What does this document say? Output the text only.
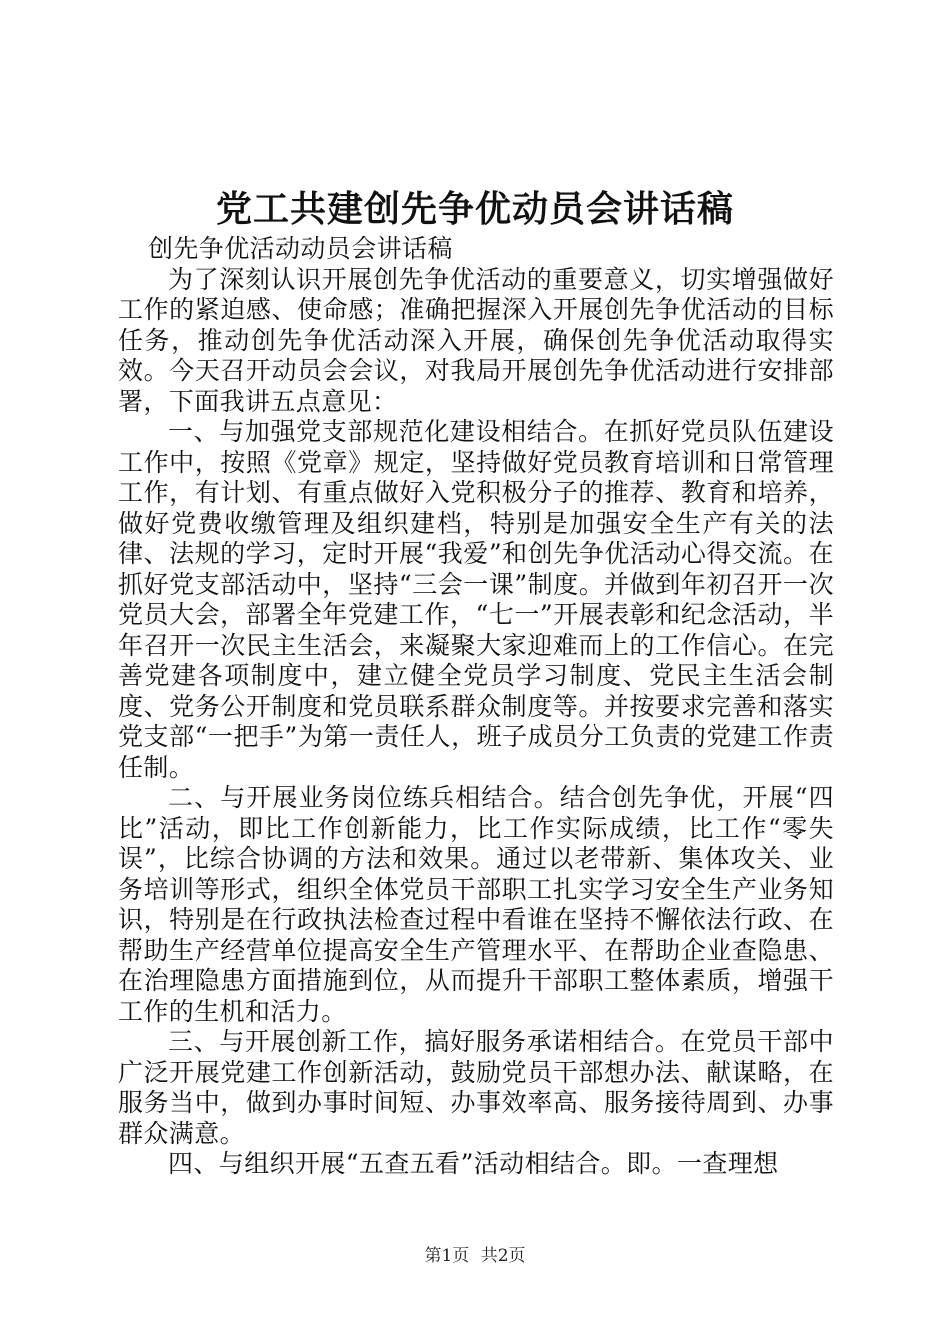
党工共建创先争优动员会讲话稿

创先争优活动动员会讲话稿

为了深刻认识开展创先争优活动的重要意义，切实增强做好工作的紧迫感、使命感；准确把握深入开展创先争优活动的目标任务，推动创先争优活动深入开展，确保创先争优活动取得实效。今天召开动员会会议，对我局开展创先争优活动进行安排部署，下面我讲五点意见：

一、与加强党支部规范化建设相结合。在抓好党员队伍建设工作中，按照《党章》规定，坚持做好党员教育培训和日常管理工作，有计划、有重点做好入党积极分子的推荐、教育和培养，做好党费收缴管理及组织建档，特别是加强安全生产有关的法律、法规的学习，定时开展“我爱”和创先争优活动心得交流。在抓好党支部活动中，坚持“三会一课”制度。并做到年初召开一次党员大会，部署全年党建工作，“七一”开展表彰和纪念活动，半年召开一次民主生活会，来凝聚大家迎难而上的工作信心。在完善党建各项制度中，建立健全党员学习制度、党民主生活会制度、党务公开制度和党员联系群众制度等。并按要求完善和落实党支部“一把手”为第一责任人，班子成员分工负责的党建工作责任制。

二、与开展业务岗位练兵相结合。结合创先争优，开展“四比”活动，即比工作创新能力，比工作实际成绩，比工作“零失误”，比综合协调的方法和效果。通过以老带新、集体攻关、业务培训等形式，组织全体党员干部职工扎实学习安全生产业务知识，特别是在行政执法检查过程中看谁在坚持不懈依法行政、在帮助生产经营单位提高安全生产管理水平、在帮助企业查隐患、在治理隐患方面措施到位，从而提升干部职工整体素质，增强干工作的生机和活力。

三、与开展创新工作，搞好服务承诺相结合。在党员干部中广泛开展党建工作创新活动，鼓励党员干部想办法、献谋略，在服务当中，做到办事时间短、办事效率高、服务接待周到、办事群众满意。

四、与组织开展“五查五看”活动相结合。即。一查理想

第1页 共2页
